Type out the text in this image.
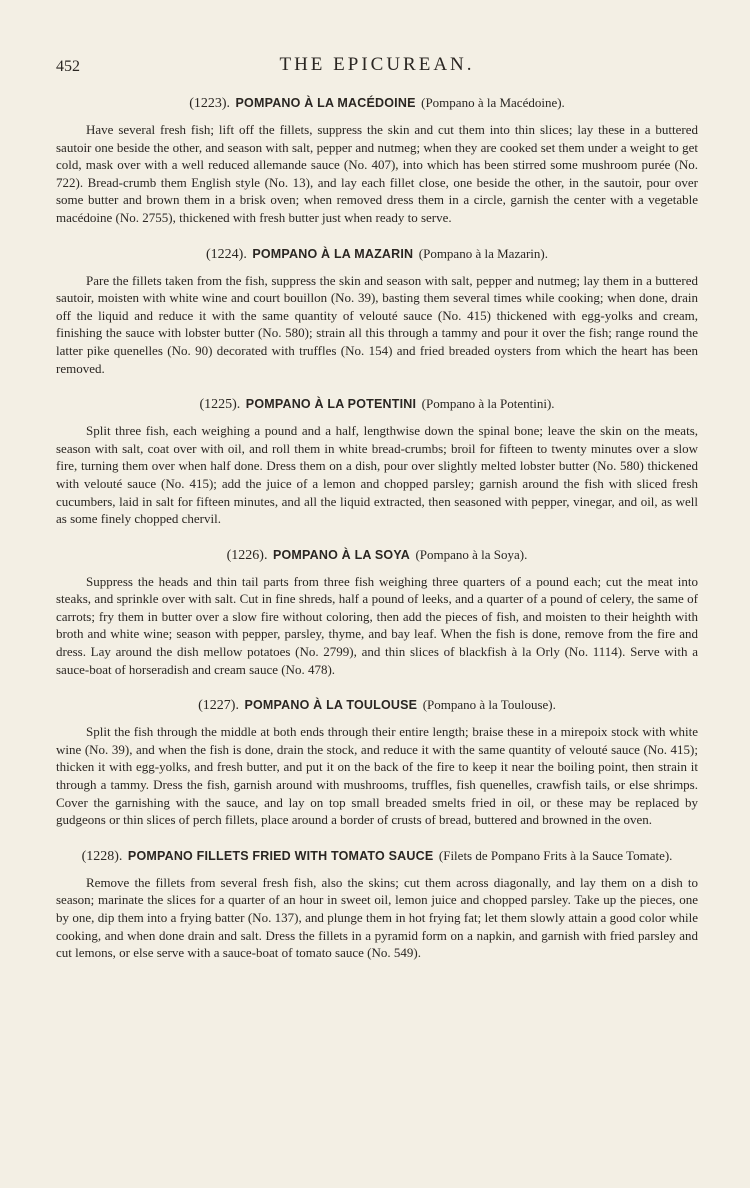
452	THE EPICUREAN.
(1223). POMPANO À LA MACÉDOINE (Pompano à la Macédoine).

Have several fresh fish; lift off the fillets, suppress the skin and cut them into thin slices; lay these in a buttered sautoir one beside the other, and season with salt, pepper and nutmeg; when they are cooked set them under a weight to get cold, mask over with a well reduced allemande sauce (No. 407), into which has been stirred some mushroom purée (No. 722). Bread-crumb them English style (No. 13), and lay each fillet close, one beside the other, in the sautoir, pour over some butter and brown them in a brisk oven; when removed dress them in a circle, garnish the center with a vegetable macédoine (No. 2755), thickened with fresh butter just when ready to serve.

(1224). POMPANO À LA MAZARIN (Pompano à la Mazarin).

Pare the fillets taken from the fish, suppress the skin and season with salt, pepper and nutmeg; lay them in a buttered sautoir, moisten with white wine and court bouillon (No. 39), basting them several times while cooking; when done, drain off the liquid and reduce it with the same quantity of velouté sauce (No. 415) thickened with egg-yolks and cream, finishing the sauce with lobster butter (No. 580); strain all this through a tammy and pour it over the fish; range round the latter pike quenelles (No. 90) decorated with truffles (No. 154) and fried breaded oysters from which the heart has been removed.

(1225). POMPANO À LA POTENTINI (Pompano à la Potentini).

Split three fish, each weighing a pound and a half, lengthwise down the spinal bone; leave the skin on the meats, season with salt, coat over with oil, and roll them in white bread-crumbs; broil for fifteen to twenty minutes over a slow fire, turning them over when half done. Dress them on a dish, pour over slightly melted lobster butter (No. 580) thickened with velouté sauce (No. 415); add the juice of a lemon and chopped parsley; garnish around the fish with sliced fresh cucumbers, laid in salt for fifteen minutes, and all the liquid extracted, then seasoned with pepper, vinegar, and oil, as well as some finely chopped chervil.

(1226). POMPANO À LA SOYA (Pompano à la Soya).

Suppress the heads and thin tail parts from three fish weighing three quarters of a pound each; cut the meat into steaks, and sprinkle over with salt. Cut in fine shreds, half a pound of leeks, and a quarter of a pound of celery, the same of carrots; fry them in butter over a slow fire without coloring, then add the pieces of fish, and moisten to their heighth with broth and white wine; season with pepper, parsley, thyme, and bay leaf. When the fish is done, remove from the fire and dress. Lay around the dish mellow potatoes (No. 2799), and thin slices of blackfish à la Orly (No. 1114). Serve with a sauce-boat of horseradish and cream sauce (No. 478).

(1227). POMPANO À LA TOULOUSE (Pompano à la Toulouse).

Split the fish through the middle at both ends through their entire length; braise these in a mirepoix stock with white wine (No. 39), and when the fish is done, drain the stock, and reduce it with the same quantity of velouté sauce (No. 415); thicken it with egg-yolks, and fresh butter, and put it on the back of the fire to keep it near the boiling point, then strain it through a tammy. Dress the fish, garnish around with mushrooms, truffles, fish quenelles, crawfish tails, or else shrimps. Cover the garnishing with the sauce, and lay on top small breaded smelts fried in oil, or these may be replaced by gudgeons or thin slices of perch fillets, place around a border of crusts of bread, buttered and browned in the oven.

(1228). POMPANO FILLETS FRIED WITH TOMATO SAUCE (Filets de Pompano Frits à la Sauce Tomate).

Remove the fillets from several fresh fish, also the skins; cut them across diagonally, and lay them on a dish to season; marinate the slices for a quarter of an hour in sweet oil, lemon juice and chopped parsley. Take up the pieces, one by one, dip them into a frying batter (No. 137), and plunge them in hot frying fat; let them slowly attain a good color while cooking, and when done drain and salt. Dress the fillets in a pyramid form on a napkin, and garnish with fried parsley and cut lemons, or else serve with a sauce-boat of tomato sauce (No. 549).
